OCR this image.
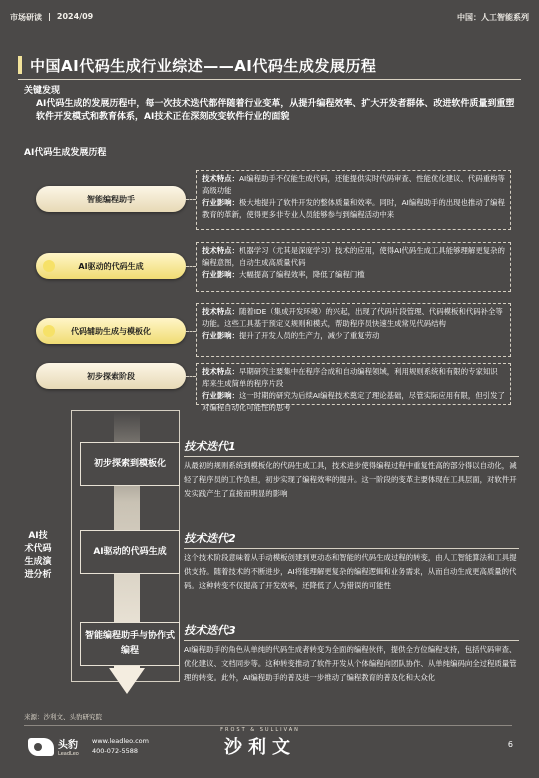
市场研读 | 2024/09	中国：人工智能系列
中国AI代码生成行业综述——AI代码生成发展历程
关键发现
AI代码生成的发展历程中，每一次技术迭代都伴随着行业变革，从提升编程效率、扩大开发者群体、改进软件质量到重塑软件开发模式和教育体系，AI技术正在深刻改变软件行业的面貌
AI代码生成发展历程
智能编程助手
技术特点：AI编程助手不仅能生成代码，还能提供实时代码审查、性能优化建议、代码重构等高级功能
行业影响：极大地提升了软件开发的整体质量和效率。同时，AI编程助手的出现也推动了编程教育的革新，使得更多非专业人员能够参与到编程活动中来
AI驱动的代码生成
技术特点：机器学习（尤其是深度学习）技术的应用，使得AI代码生成工具能够理解更复杂的编程意图，自动生成高质量代码
行业影响：大幅提高了编程效率，降低了编程门槛
代码辅助生成与模板化
技术特点：随着IDE（集成开发环境）的兴起，出现了代码片段管理、代码模板和代码补全等功能。这些工具基于预定义规则和模式，帮助程序员快速生成常见代码结构
行业影响：提升了开发人员的生产力，减少了重复劳动
初步探索阶段	技术特点：早期研究主要集中在程序合成和自动编程领域，利用规则系统和有限的专家知识库来生成简单的程序片段
行业影响：这一时期的研究为后续AI编程技术奠定了理论基础，尽管实际应用有限，但引发了对编程自动化可能性的思考
AI技术代码生成演进分析
初步探索到模板化
AI驱动的代码生成
智能编程助手与协作式编程
技术迭代1
从最初的规则系统到模板化的代码生成工具，技术进步使得编程过程中重复性高的部分得以自动化，减轻了程序员的工作负担，初步实现了编程效率的提升。这一阶段的变革主要体现在工具层面，对软件开发实践产生了直接而明显的影响
技术迭代2
这个技术阶段意味着从手动模板创建到更动态和智能的代码生成过程的转变，由人工智能算法和工具提供支持。随着技术的不断进步，AI将能理解更复杂的编程逻辑和业务需求，从而自动生成更高质量的代码。这种转变不仅提高了开发效率，还降低了人为错误的可能性
技术迭代3
AI编程助手的角色从单纯的代码生成者转变为全面的编程伙伴，提供全方位编程支持，包括代码审查、优化建议、文档同步等。这种转变推动了软件开发从个体编程向团队协作、从单纯编码向全过程质量管理的转变。此外，AI编程助手的普及进一步推动了编程教育的普及化和大众化
来源：沙利文、头豹研究院
头豹
LeadLeo
www.leadleo.com
400-072-5588
FROST & SULLIVAN
沙利文	6
